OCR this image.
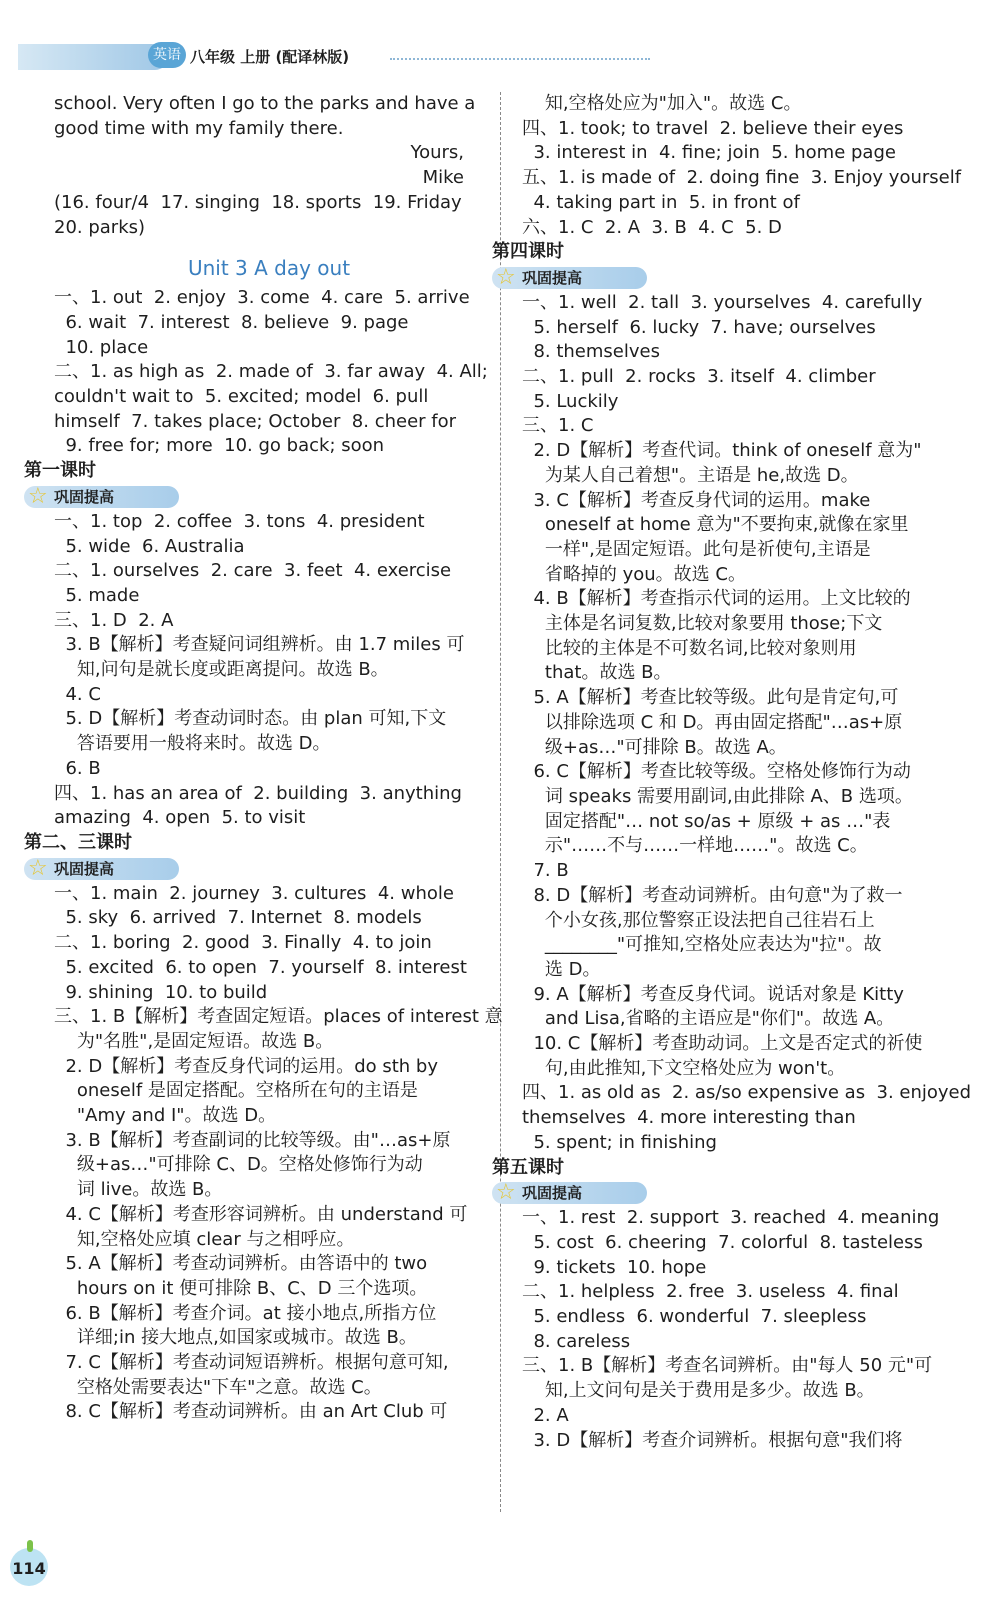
英语 八年级 上册 (配译林版)
school. Very often I go to the parks and have a
good time with my family there.
Yours,
Mike
(16. four/4  17. singing  18. sports  19. Friday
20. parks)
Unit 3 A day out
一、1. out  2. enjoy  3. come  4. care  5. arrive
6. wait  7. interest  8. believe  9. page
10. place
二、1. as high as  2. made of  3. far away  4. All;
couldn't wait to  5. excited; model  6. pull
himself  7. takes place; October  8. cheer for
9. free for; more  10. go back; soon
第一课时
☆ 巩固提高
一、1. top  2. coffee  3. tons  4. president
5. wide  6. Australia
二、1. ourselves  2. care  3. feet  4. exercise
5. made
三、1. D  2. A
3. B【解析】考查疑问词组辨析。由 1.7 miles 可
知,问句是就长度或距离提问。故选 B。
4. C
5. D【解析】考查动词时态。由 plan 可知,下文
答语要用一般将来时。故选 D。
6. B
四、1. has an area of  2. building  3. anything
amazing  4. open  5. to visit
第二、三课时
☆ 巩固提高
一、1. main  2. journey  3. cultures  4. whole
5. sky  6. arrived  7. Internet  8. models
二、1. boring  2. good  3. Finally  4. to join
5. excited  6. to open  7. yourself  8. interest
9. shining  10. to build
三、1. B【解析】考查固定短语。places of interest 意
为"名胜",是固定短语。故选 B。
2. D【解析】考查反身代词的运用。do sth by
oneself 是固定搭配。空格所在句的主语是
"Amy and I"。故选 D。
3. B【解析】考查副词的比较等级。由"…as+原
级+as…"可排除 C、D。空格处修饰行为动
词 live。故选 B。
4. C【解析】考查形容词辨析。由 understand 可
知,空格处应填 clear 与之相呼应。
5. A【解析】考查动词辨析。由答语中的 two
hours on it 便可排除 B、C、D 三个选项。
6. B【解析】考查介词。at 接小地点,所指方位
详细;in 接大地点,如国家或城市。故选 B。
7. C【解析】考查动词短语辨析。根据句意可知,
空格处需要表达"下车"之意。故选 C。
8. C【解析】考查动词辨析。由 an Art Club 可
知,空格处应为"加入"。故选 C。
四、1. took; to travel  2. believe their eyes
3. interest in  4. fine; join  5. home page
五、1. is made of  2. doing fine  3. Enjoy yourself
4. taking part in  5. in front of
六、1. C  2. A  3. B  4. C  5. D
第四课时
☆ 巩固提高
一、1. well  2. tall  3. yourselves  4. carefully
5. herself  6. lucky  7. have; ourselves
8. themselves
二、1. pull  2. rocks  3. itself  4. climber
5. Luckily
三、1. C
2. D【解析】考查代词。think of oneself 意为"
为某人自己着想"。主语是 he,故选 D。
3. C【解析】考查反身代词的运用。make
oneself at home 意为"不要拘束,就像在家里
一样",是固定短语。此句是祈使句,主语是
省略掉的 you。故选 C。
4. B【解析】考查指示代词的运用。上文比较的
主体是名词复数,比较对象要用 those;下文
比较的主体是不可数名词,比较对象则用
that。故选 B。
5. A【解析】考查比较等级。此句是肯定句,可
以排除选项 C 和 D。再由固定搭配"…as+原
级+as…"可排除 B。故选 A。
6. C【解析】考查比较等级。空格处修饰行为动
词 speaks 需要用副词,由此排除 A、B 选项。
固定搭配"… not so/as + 原级 + as …"表
示"……不与……一样地……"。故选 C。
7. B
8. D【解析】考查动词辨析。由句意"为了救一
个小女孩,那位警察正设法把自己往岩石上
________"可推知,空格处应表达为"拉"。故
选 D。
9. A【解析】考查反身代词。说话对象是 Kitty
and Lisa,省略的主语应是"你们"。故选 A。
10. C【解析】考查助动词。上文是否定式的祈使
句,由此推知,下文空格处应为 won't。
四、1. as old as  2. as/so expensive as  3. enjoyed
themselves  4. more interesting than
5. spent; in finishing
第五课时
☆ 巩固提高
一、1. rest  2. support  3. reached  4. meaning
5. cost  6. cheering  7. colorful  8. tasteless
9. tickets  10. hope
二、1. helpless  2. free  3. useless  4. final
5. endless  6. wonderful  7. sleepless
8. careless
三、1. B【解析】考查名词辨析。由"每人 50 元"可
知,上文问句是关于费用是多少。故选 B。
2. A
3. D【解析】考查介词辨析。根据句意"我们将
114
